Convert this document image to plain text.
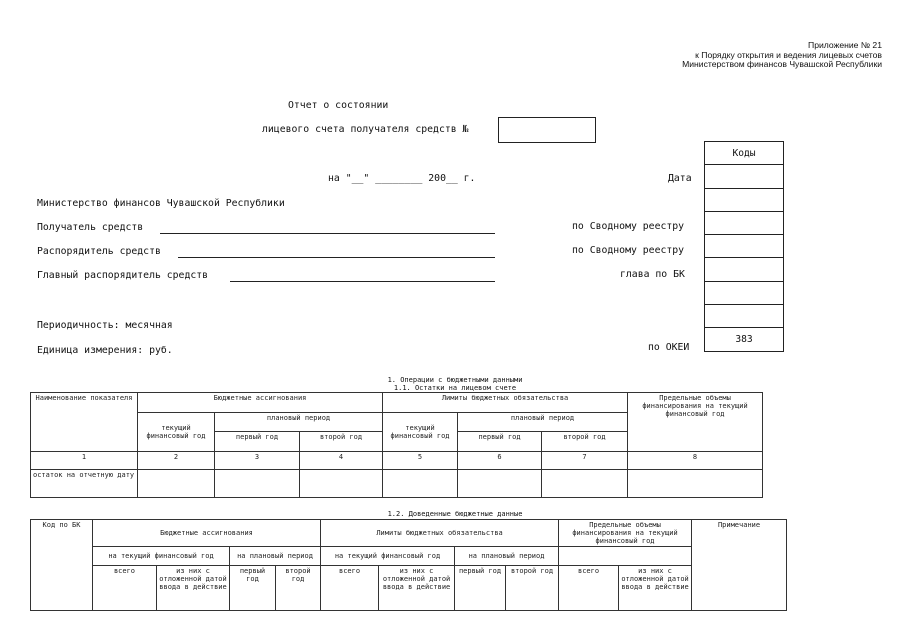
Приложение № 21
к Порядку открытия и ведения лицевых счетов
Министерством финансов Чувашской Республики
Отчет о состоянии
лицевого счета получателя средств №
на "__" ________ 200__ г.
Коды
383
Дата
по Сводному реестру
по Сводному реестру
глава по БК
по ОКЕИ
Министерство финансов Чувашской Республики
Получатель средств
Распорядитель средств
Главный распорядитель средств
Периодичность: месячная
Единица измерения: руб.
1. Операции с бюджетными данными
1.1. Остатки на лицевом счете
Наименование показателя	Бюджетные ассигнования			Лимиты бюджетных обязательства			Предельные объемы финансирования на текущий финансовый год
	текущий финансовый год	плановый период		текущий финансовый год	плановый период		
		первый год	второй год		первый год	второй год	
1	2	3	4	5	6	7	8
остаток на отчетную дату							
1.2. Доведенные бюджетные данные
Код по БК	Бюджетные ассигнования				Лимиты бюджетных обязательства				Предельные объемы финансирования на текущий финансовый год		Примечание
	на текущий финансовый год		на плановый период		на текущий финансовый год		на плановый период				
	всего	из них с отложенной датой ввода в действие	первый год	второй год	всего	из них с отложенной датой ввода в действие	первый год	второй год	всего	из них с отложенной датой ввода в действие	
